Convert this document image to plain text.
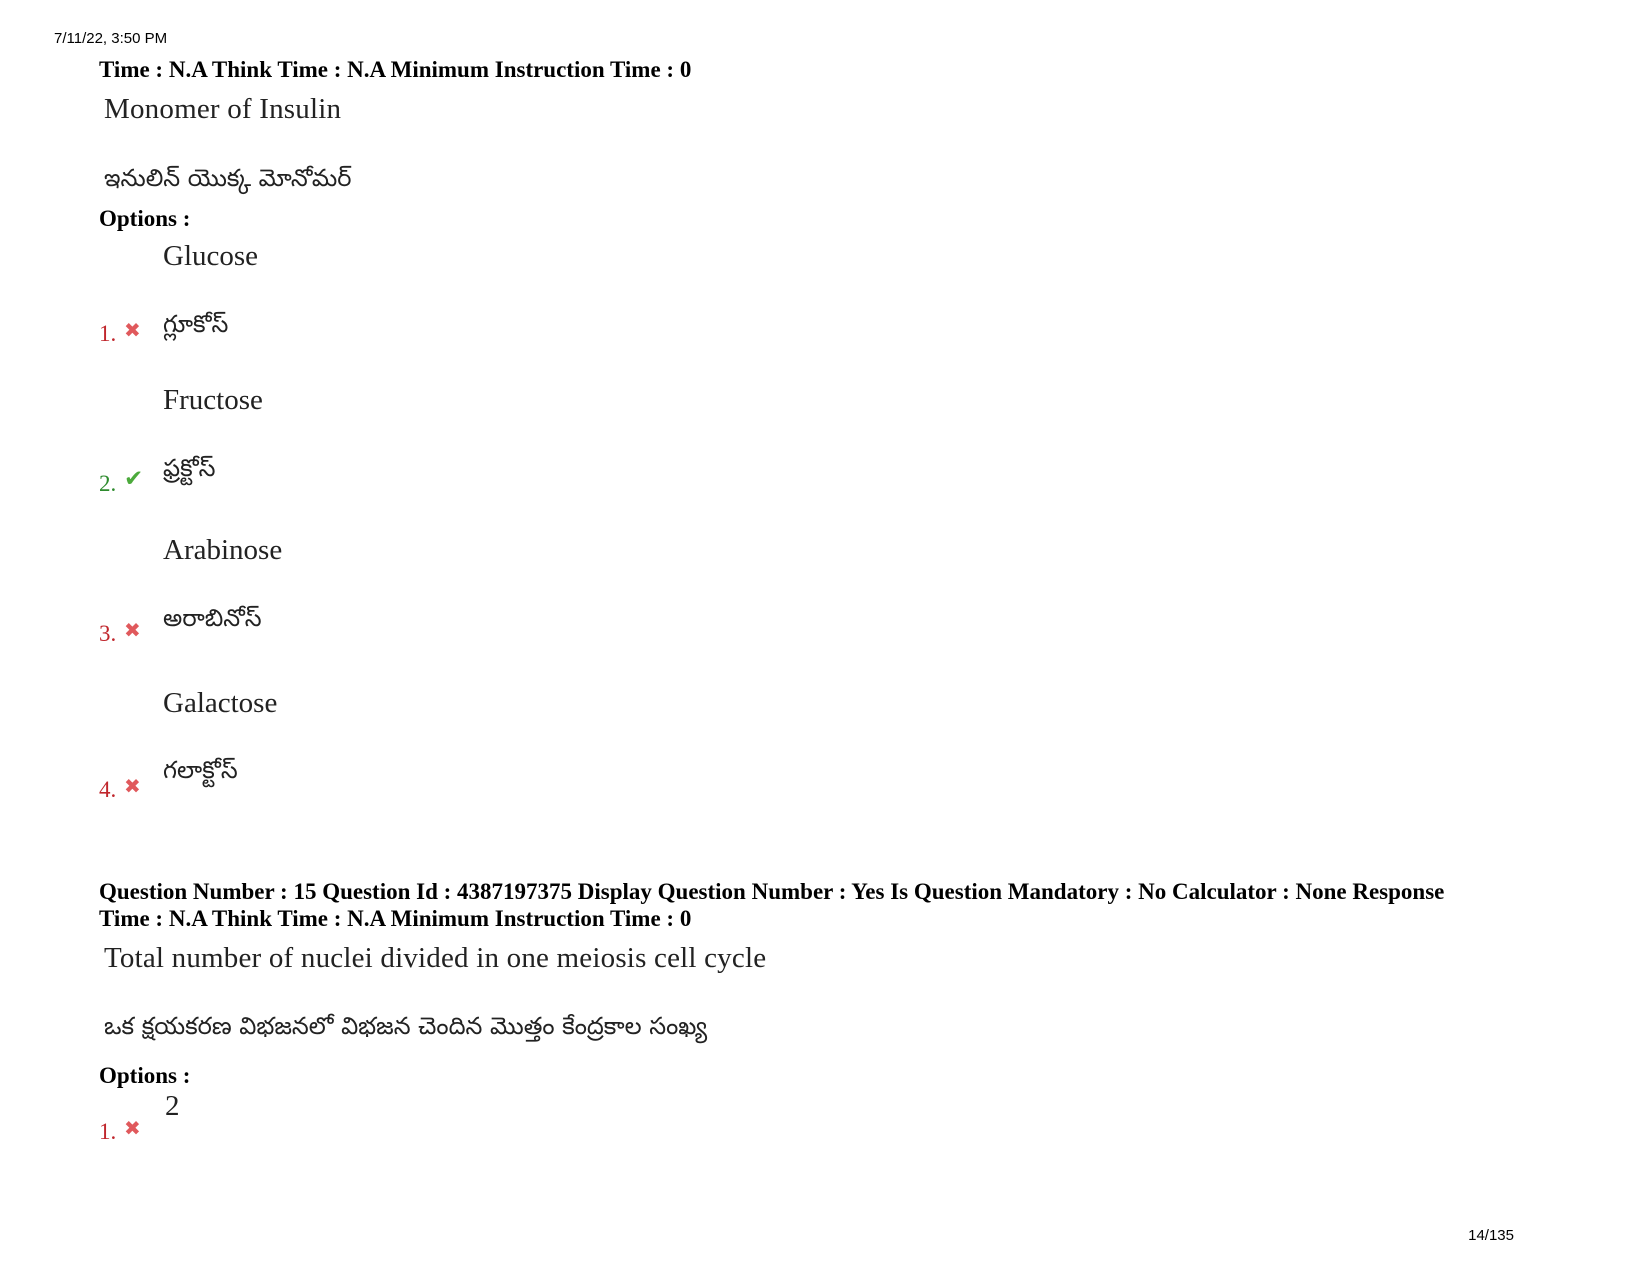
7/11/22, 3:50 PM
Time : N.A Think Time : N.A Minimum Instruction Time : 0
Monomer of Insulin
ఇనులిన్ యొక్క మోనోమర్
Options :
Glucose
గ్లూకోస్
1. ✖
Fructose
ఫ్రక్టోస్
2. ✔
Arabinose
అరాబినోస్
3. ✖
Galactose
గలాక్టోస్
4. ✖
Question Number : 15 Question Id : 4387197375 Display Question Number : Yes Is Question Mandatory : No Calculator : None Response
Time : N.A Think Time : N.A Minimum Instruction Time : 0
Total number of nuclei divided in one meiosis cell cycle
ఒక క్షయకరణ విభజనలో విభజన చెందిన మొత్తం కేంద్రకాల సంఖ్య
Options :
2
1. ✖
14/135
